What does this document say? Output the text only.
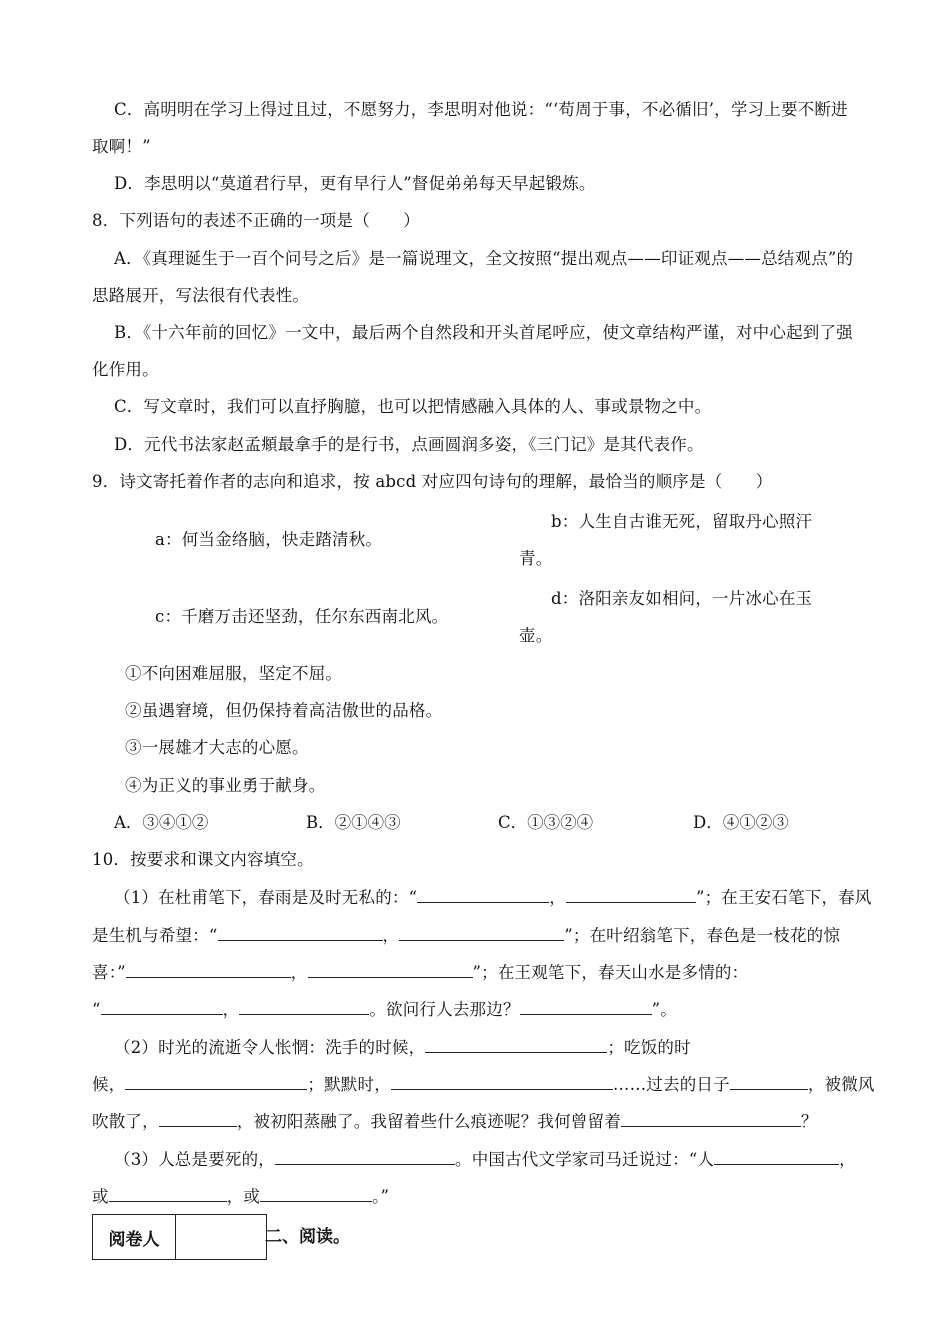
C．高明明在学习上得过且过，不愿努力，李思明对他说：“‘苟周于事，不必循旧’，学习上要不断进
取啊！”
D．李思明以“莫道君行早，更有早行人”督促弟弟每天早起锻炼。
8．下列语句的表述不正确的一项是（　　）
A．《真理诞生于一百个问号之后》是一篇说理文，全文按照“提出观点——印证观点——总结观点”的
思路展开，写法很有代表性。
B．《十六年前的回忆》一文中，最后两个自然段和开头首尾呼应，使文章结构严谨，对中心起到了强
化作用。
C．写文章时，我们可以直抒胸臆，也可以把情感融入具体的人、事或景物之中。
D．元代书法家赵孟頫最拿手的是行书，点画圆润多姿，《三门记》是其代表作。
9．诗文寄托着作者的志向和追求，按 abcd 对应四句诗句的理解，最恰当的顺序是（　　）
a：何当金络脑，快走踏清秋。
b：人生自古谁无死，留取丹心照汗
青。
c：千磨万击还坚劲，任尔东西南北风。
d：洛阳亲友如相问，一片冰心在玉
壶。
①不向困难屈服，坚定不屈。
②虽遇窘境，但仍保持着高洁傲世的品格。
③一展雄才大志的心愿。
④为正义的事业勇于献身。
A．③④①②	B．②①④③	C．①③②④	D．④①②③
10．按要求和课文内容填空。
（1）在杜甫笔下，春雨是及时无私的：“	，	”；在王安石笔下，春风
是生机与希望：“	，	”；在叶绍翁笔下，春色是一枝花的惊
喜：”	，	”；在王观笔下，春天山水是多情的：
“	，	。欲问行人去那边？	”。
（2）时光的流逝令人怅惘：洗手的时候，	；吃饭的时
候，	；默默时，	……过去的日子	，被微风
吹散了，	，被初阳蒸融了。我留着些什么痕迹呢？我何曾留着	？
（3）人总是要死的，	。中国古代文学家司马迁说过：“人	，
或	，或	。”
阅卷人		二、阅读。
